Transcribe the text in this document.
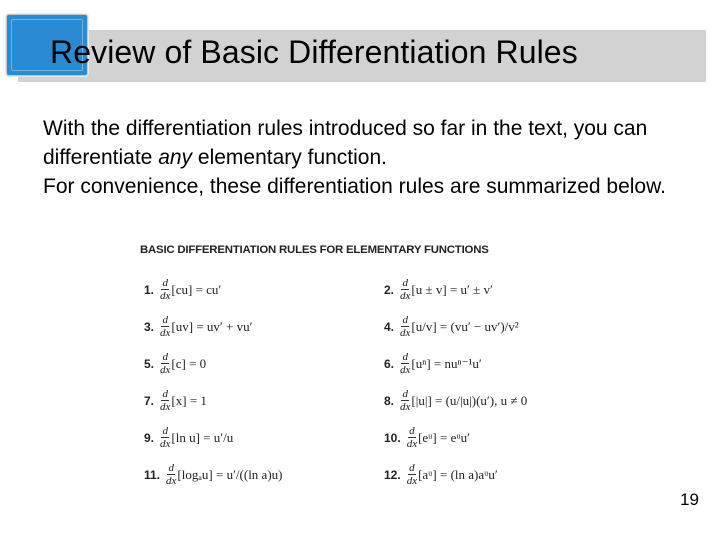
Review of Basic Differentiation Rules

With the differentiation rules introduced so far in the text, you can differentiate any elementary function.

For convenience, these differentiation rules are summarized below.

BASIC DIFFERENTIATION RULES FOR ELEMENTARY FUNCTIONS
1. d
dx [cu] = cu′	2. d
dx [u ± v] = u′ ± v′
3. d
dx [uv] = uv′ + vu′	4. d
dx [u/v] = (vu′ − uv′)/v²
5. d
dx [c] = 0	6. d
dx [uⁿ] = nuⁿ⁻¹u′
7. d
dx [x] = 1	8. d
dx [|u|] = (u/|u|)(u′), u ≠ 0
9. d
dx [ln u] = u′/u	10. d
dx [eᵘ] = eᵘu′
11. d
dx [logₐu] = u′/((ln a)u)	12. d
dx [aᵘ] = (ln a)aᵘu′

19
